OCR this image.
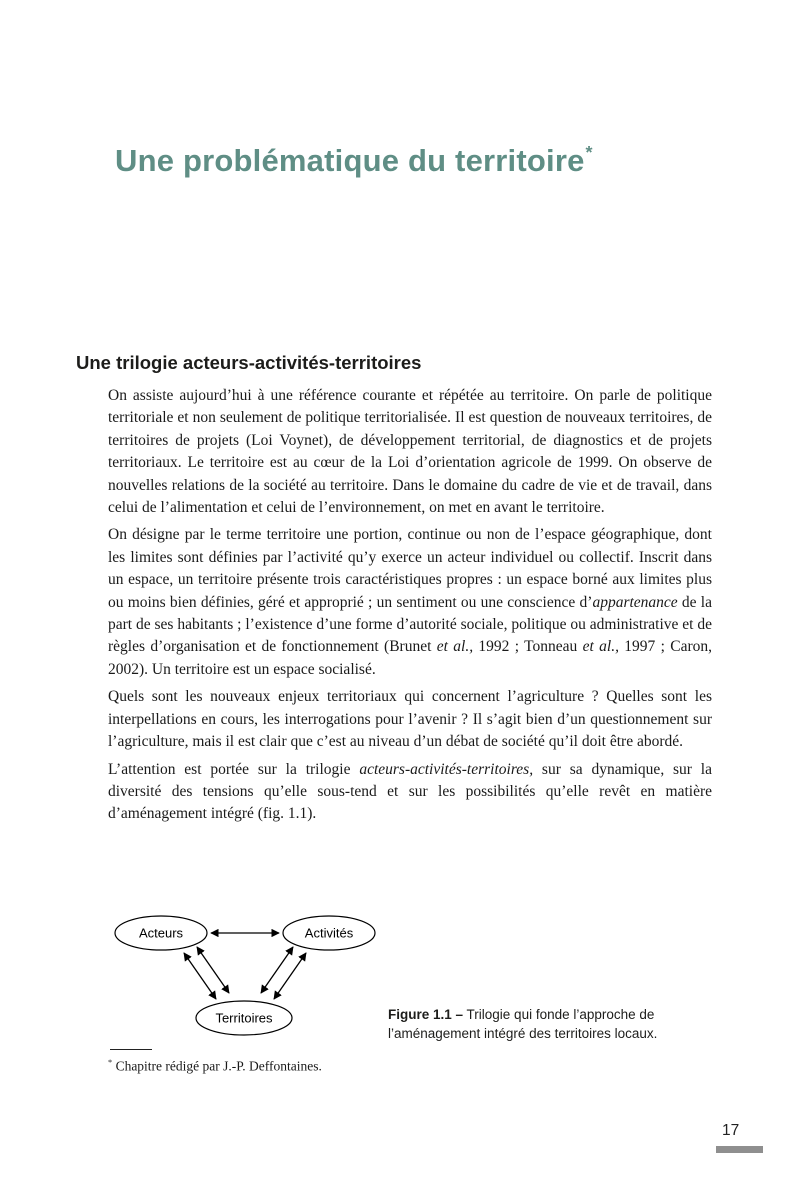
Une problématique du territoire*
Une trilogie acteurs-activités-territoires

On assiste aujourd’hui à une référence courante et répétée au territoire. On parle de politique territoriale et non seulement de politique territorialisée. Il est question de nouveaux territoires, de territoires de projets (Loi Voynet), de développement territorial, de diagnostics et de projets territoriaux. Le territoire est au cœur de la Loi d’orientation agricole de 1999. On observe de nouvelles relations de la société au territoire. Dans le domaine du cadre de vie et de travail, dans celui de l’alimentation et celui de l’environnement, on met en avant le territoire.

On désigne par le terme territoire une portion, continue ou non de l’espace géographique, dont les limites sont définies par l’activité qu’y exerce un acteur individuel ou collectif. Inscrit dans un espace, un territoire présente trois caractéristiques propres : un espace borné aux limites plus ou moins bien définies, géré et approprié ; un sentiment ou une conscience d’appartenance de la part de ses habitants ; l’existence d’une forme d’autorité sociale, politique ou administrative et de règles d’organisation et de fonctionnement (Brunet et al., 1992 ; Tonneau et al., 1997 ; Caron, 2002). Un territoire est un espace socialisé.

Quels sont les nouveaux enjeux territoriaux qui concernent l’agriculture ? Quelles sont les interpellations en cours, les interrogations pour l’avenir ? Il s’agit bien d’un questionnement sur l’agriculture, mais il est clair que c’est au niveau d’un débat de société qu’il doit être abordé.

L’attention est portée sur la trilogie acteurs-activités-territoires, sur sa dynamique, sur la diversité des tensions qu’elle sous-tend et sur les possibilités qu’elle revêt en matière d’aménagement intégré (fig. 1.1).

Acteurs	Activités
Territoires	Figure 1.1 – Trilogie qui fonde l’approche de l’aménagement intégré des territoires locaux.

* Chapitre rédigé par J.-P. Deffontaines.

17
